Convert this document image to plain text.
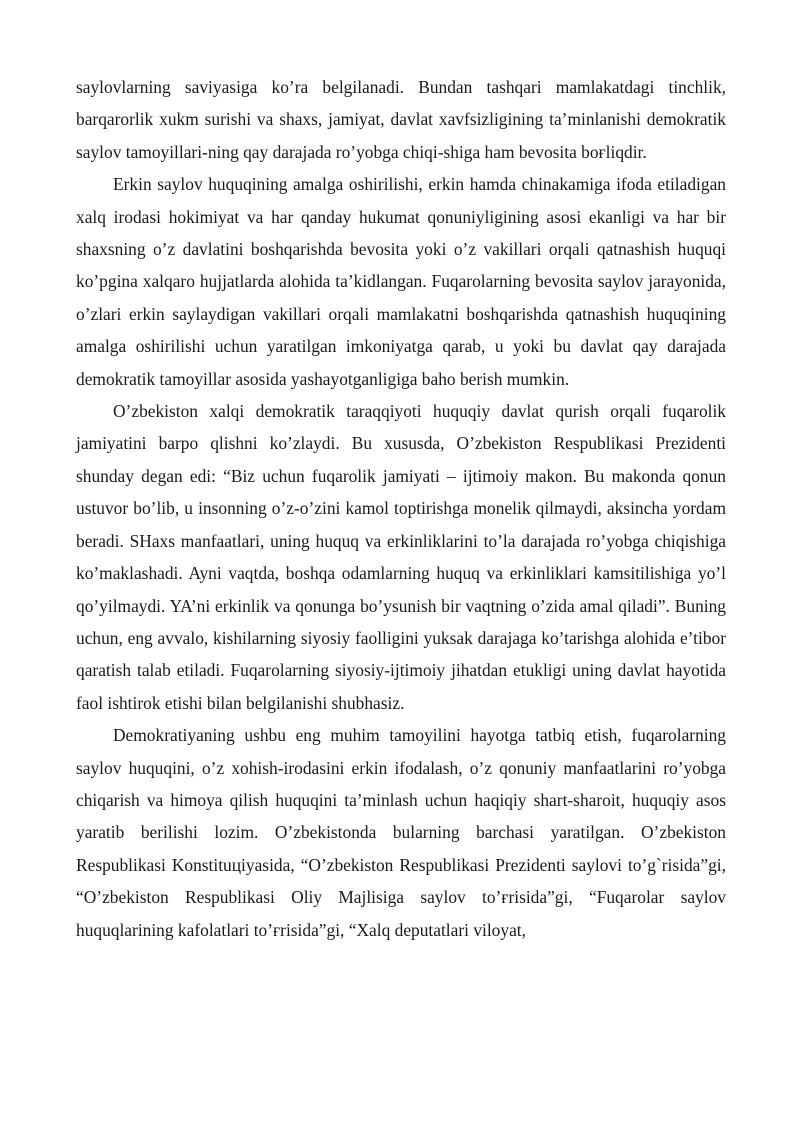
saylovlarning saviyasiga ko’ra belgilanadi. Bundan tashqari mamlakatdagi tinchlik, barqarorlik xukm surishi va shaxs, jamiyat, davlat xavfsizligining ta’minlanishi demokratik saylov tamoyillari-ning qay darajada ro’yobga chiqi-shiga ham bevosita boғliqdir.

Erkin saylov huquqining amalga oshirilishi, erkin hamda chinakamiga ifoda etiladigan xalq irodasi hokimiyat va har qanday hukumat qonuniyligining asosi ekanligi va har bir shaxsning o’z davlatini boshqarishda bevosita yoki o’z vakillari orqali qatnashish huquqi ko’pgina xalqaro hujjatlarda alohida ta’kidlangan. Fuqarolarning bevosita saylov jarayonida, o’zlari erkin saylaydigan vakillari orqali mamlakatni boshqarishda qatnashish huquqining amalga oshirilishi uchun yaratilgan imkoniyatga qarab, u yoki bu davlat qay darajada demokratik tamoyillar asosida yashayotganligiga baho berish mumkin.

O’zbekiston xalqi demokratik taraqqiyoti huquqiy davlat qurish orqali fuqarolik jamiyatini barpo qlishni ko’zlaydi. Bu xususda, O’zbekiston Respublikasi Prezidenti shunday degan edi: “Biz uchun fuqarolik jamiyati – ijtimoiy makon. Bu makonda qonun ustuvor bo’lib, u insonning o’z-o’zini kamol toptirishga monelik qilmaydi, aksincha yordam beradi. SHaxs manfaatlari, uning huquq va erkinliklarini to’la darajada ro’yobga chiqishiga ko’maklashadi. Ayni vaqtda, boshqa odamlarning huquq va erkinliklari kamsitilishiga yo’l qo’yilmaydi. YA’ni erkinlik va qonunga bo’ysunish bir vaqtning o’zida amal qiladi”. Buning uchun, eng avvalo, kishilarning siyosiy faolligini yuksak darajaga ko’tarishga alohida e’tibor qaratish talab etiladi. Fuqarolarning siyosiy-ijtimoiy jihatdan etukligi uning davlat hayotida faol ishtirok etishi bilan belgilanishi shubhasiz.

Demokratiyaning ushbu eng muhim tamoyilini hayotga tatbiq etish, fuqarolarning saylov huquqini, o’z xohish-irodasini erkin ifodalash, o’z qonuniy manfaatlarini ro’yobga chiqarish va himoya qilish huquqini ta’minlash uchun haqiqiy shart-sharoit, huquqiy asos yaratib berilishi lozim. O’zbekistonda bularning barchasi yaratilgan. O’zbekiston Respublikasi Konstituцiyasida, “O’zbekiston Respublikasi Prezidenti saylovi to’g`risida”gi, “O’zbekiston Respublikasi Oliy Majlisiga saylov to’ғrisida”gi, “Fuqarolar saylov huquqlarining kafolatlari to’ғrisida”gi, “Xalq deputatlari viloyat,
